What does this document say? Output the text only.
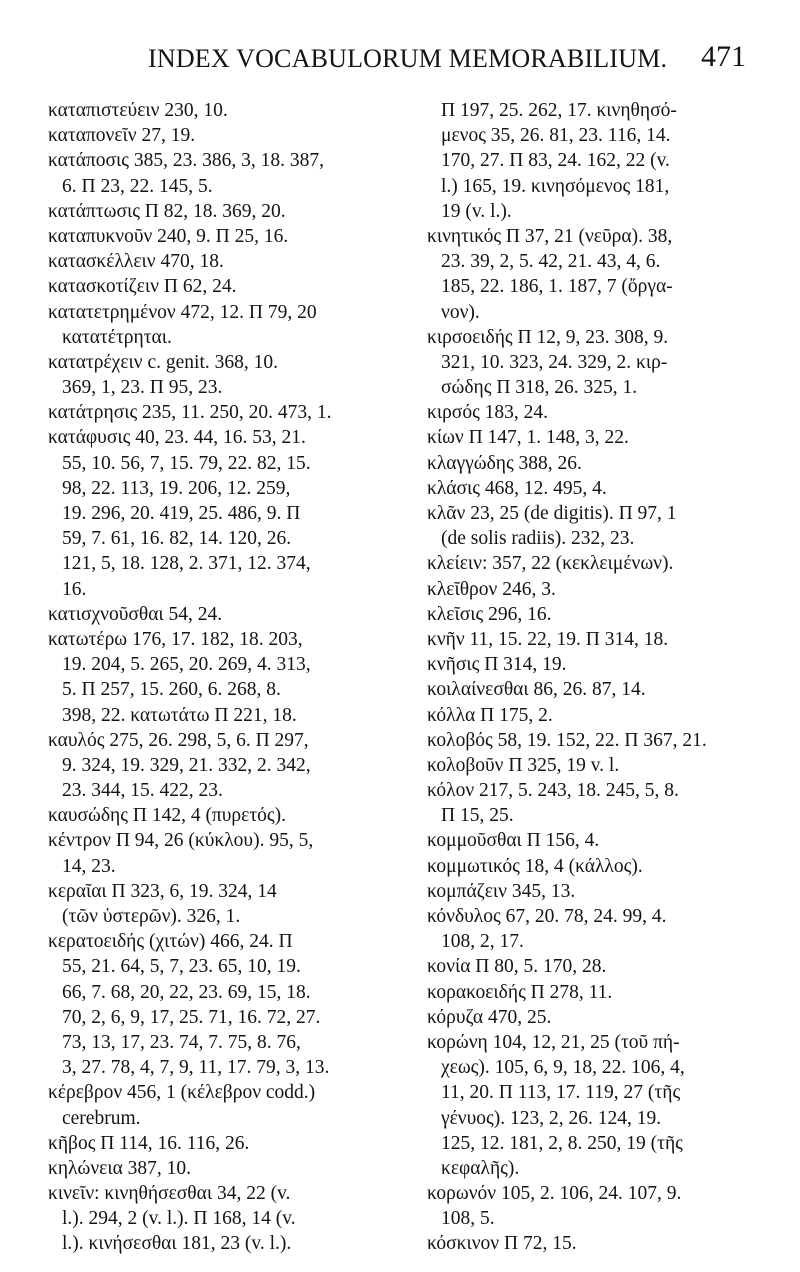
INDEX VOCABULORUM MEMORABILIUM. 471
καταπιστεύειν 230, 10.
καταπονεῖν 27, 19.
κατάποσις 385, 23. 386, 3, 18. 387,
6. Π 23, 22. 145, 5.
κατάπτωσις Π 82, 18. 369, 20.
καταπυκνοῦν 240, 9. Π 25, 16.
κατασκέλλειν 470, 18.
κατασκοτίζειν Π 62, 24.
κατατετρημένον 472, 12. Π 79, 20
κατατέτρηται.
κατατρέχειν c. genit. 368, 10.
369, 1, 23. Π 95, 23.
κατάτρησις 235, 11. 250, 20. 473, 1.
κατάφυσις 40, 23. 44, 16. 53, 21.
55, 10. 56, 7, 15. 79, 22. 82, 15.
98, 22. 113, 19. 206, 12. 259,
19. 296, 20. 419, 25. 486, 9. Π
59, 7. 61, 16. 82, 14. 120, 26.
121, 5, 18. 128, 2. 371, 12. 374,
16.
κατισχνοῦσθαι 54, 24.
κατωτέρω 176, 17. 182, 18. 203,
19. 204, 5. 265, 20. 269, 4. 313,
5. Π 257, 15. 260, 6. 268, 8.
398, 22. κατωτάτω Π 221, 18.
καυλός 275, 26. 298, 5, 6. Π 297,
9. 324, 19. 329, 21. 332, 2. 342,
23. 344, 15. 422, 23.
καυσώδης Π 142, 4 (πυρετός).
κέντρον Π 94, 26 (κύκλου). 95, 5,
14, 23.
κεραῖαι Π 323, 6, 19. 324, 14
(τῶν ὑστερῶν). 326, 1.
κερατοειδής (χιτών) 466, 24. Π
55, 21. 64, 5, 7, 23. 65, 10, 19.
66, 7. 68, 20, 22, 23. 69, 15, 18.
70, 2, 6, 9, 17, 25. 71, 16. 72, 27.
73, 13, 17, 23. 74, 7. 75, 8. 76,
3, 27. 78, 4, 7, 9, 11, 17. 79, 3, 13.
κέρεβρον 456, 1 (κέλεβρον codd.)
cerebrum.
κῆβος Π 114, 16. 116, 26.
κηλώνεια 387, 10.
κινεῖν: κινηθήσεσθαι 34, 22 (v.
l.). 294, 2 (v. l.). Π 168, 14 (v.
l.). κινήσεσθαι 181, 23 (v. l.).
Π 197, 25. 262, 17. κινηθησό-
μενος 35, 26. 81, 23. 116, 14.
170, 27. Π 83, 24. 162, 22 (v.
l.) 165, 19. κινησόμενος 181,
19 (v. l.).
κινητικός Π 37, 21 (νεῦρα). 38,
23. 39, 2, 5. 42, 21. 43, 4, 6.
185, 22. 186, 1. 187, 7 (ὄργα-
νον).
κιρσοειδής Π 12, 9, 23. 308, 9.
321, 10. 323, 24. 329, 2. κιρ-
σώδης Π 318, 26. 325, 1.
κιρσός 183, 24.
κίων Π 147, 1. 148, 3, 22.
κλαγγώδης 388, 26.
κλάσις 468, 12. 495, 4.
κλᾶν 23, 25 (de digitis). Π 97, 1
(de solis radiis). 232, 23.
κλείειν: 357, 22 (κεκλειμένων).
κλεῖθρον 246, 3.
κλεῖσις 296, 16.
κνῆν 11, 15. 22, 19. Π 314, 18.
κνῆσις Π 314, 19.
κοιλαίνεσθαι 86, 26. 87, 14.
κόλλα Π 175, 2.
κολοβός 58, 19. 152, 22. Π 367, 21.
κολοβοῦν Π 325, 19 v. l.
κόλον 217, 5. 243, 18. 245, 5, 8.
Π 15, 25.
κομμοῦσθαι Π 156, 4.
κομμωτικός 18, 4 (κάλλος).
κομπάζειν 345, 13.
κόνδυλος 67, 20. 78, 24. 99, 4.
108, 2, 17.
κονία Π 80, 5. 170, 28.
κορακοειδής Π 278, 11.
κόρυζα 470, 25.
κορώνη 104, 12, 21, 25 (τοῦ πή-
χεως). 105, 6, 9, 18, 22. 106, 4,
11, 20. Π 113, 17. 119, 27 (τῆς
γένυος). 123, 2, 26. 124, 19.
125, 12. 181, 2, 8. 250, 19 (τῆς
κεφαλῆς).
κορωνόν 105, 2. 106, 24. 107, 9.
108, 5.
κόσκινον Π 72, 15.
